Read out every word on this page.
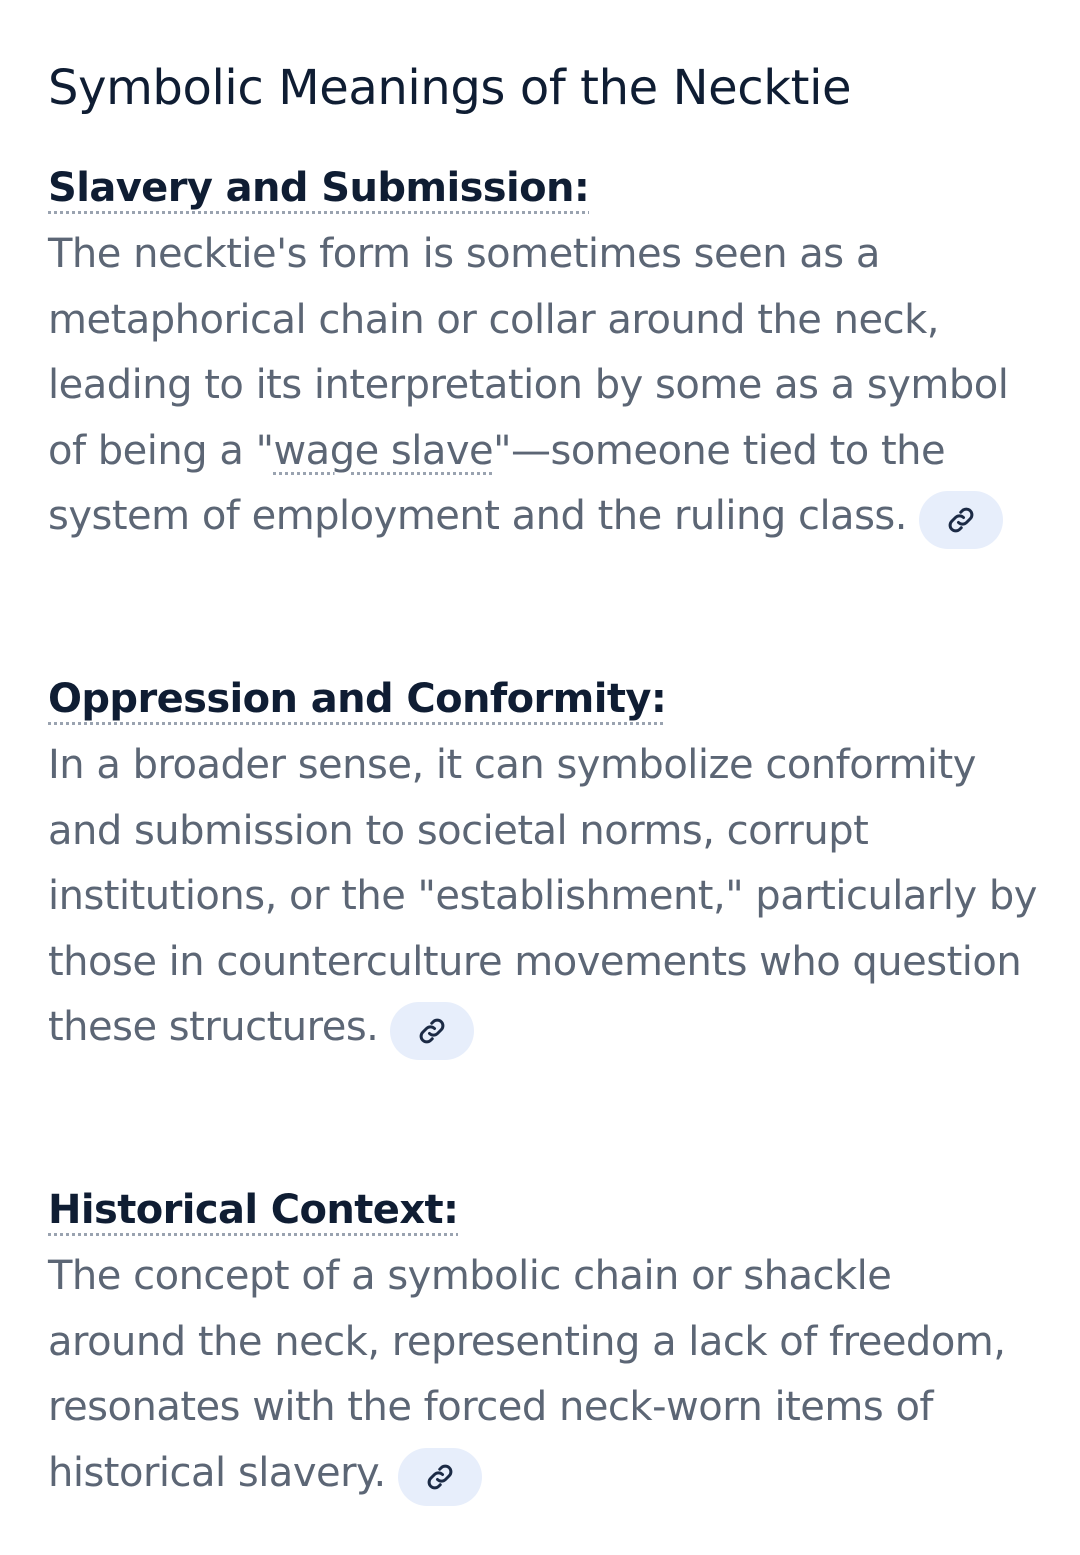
Symbolic Meanings of the Necktie
Slavery and Submission:

The necktie's form is sometimes seen as a metaphorical chain or collar around the neck, leading to its interpretation by some as a symbol of being a "wage slave"—someone tied to the system of employment and the ruling class.

Oppression and Conformity:

In a broader sense, it can symbolize conformity and submission to societal norms, corrupt institutions, or the "establishment," particularly by those in counterculture movements who question these structures.

Historical Context:

The concept of a symbolic chain or shackle around the neck, representing a lack of freedom, resonates with the forced neck-worn items of historical slavery.
